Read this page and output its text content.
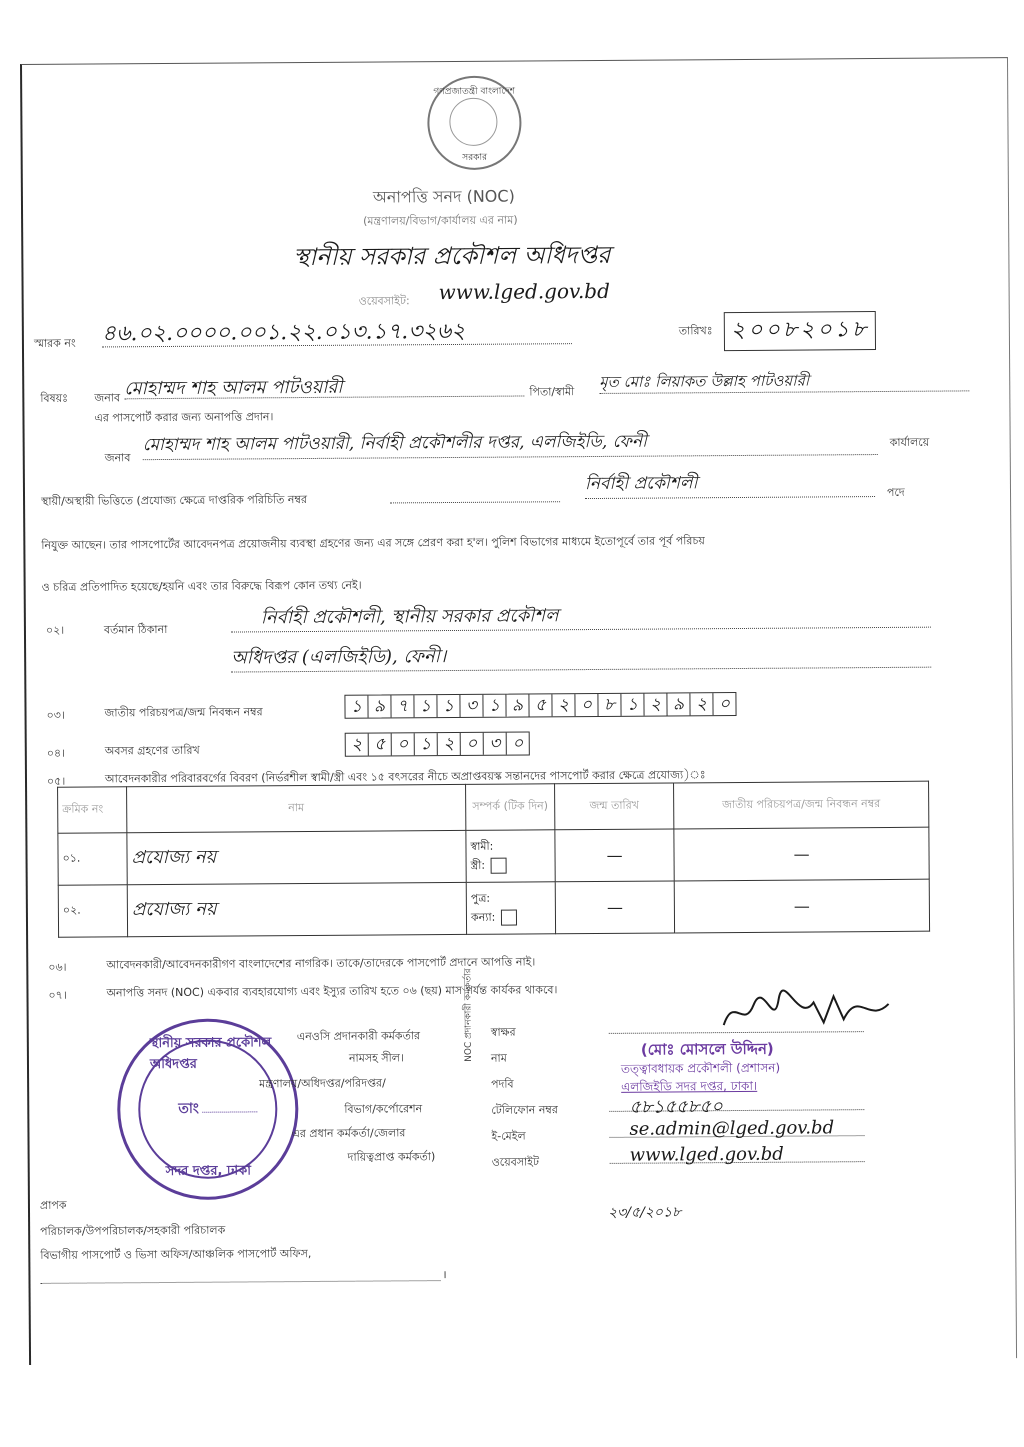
গণপ্রজাতন্ত্রী বাংলাদেশ
সরকার
অনাপত্তি সনদ (NOC)
(মন্ত্রণালয়/বিভাগ/কার্যালয় এর নাম)
স্থানীয় সরকার প্রকৌশল অধিদপ্তর
ওয়েবসাইট: www.lged.gov.bd
স্মারক নং ৪৬.০২.০০০০.০০১.২২.০১৩.১৭.৩২৬২	তারিখঃ ২০০৮২০১৮
বিষয়ঃ জনাব মোহাম্মদ শাহ আলম পাটওয়ারী	পিতা/স্বামী
মৃত মোঃ লিয়াকত উল্লাহ পাটওয়ারী
এর পাসপোর্ট করার জন্য অনাপত্তি প্রদান।
জনাব
মোহাম্মদ শাহ আলম পাটওয়ারী, নির্বাহী প্রকৌশলীর দপ্তর, এলজিইডি, ফেনী	কার্যালয়ে
স্থায়ী/অস্থায়ী ভিত্তিতে (প্রযোজ্য ক্ষেত্রে দাপ্তরিক পরিচিতি নম্বর
নির্বাহী প্রকৌশলী	পদে
নিযুক্ত আছেন। তার পাসপোর্টের আবেদনপত্র প্রয়োজনীয় ব্যবস্থা গ্রহণের জন্য এর সঙ্গে প্রেরণ করা হ'ল। পুলিশ বিভাগের মাধ্যমে ইতোপূর্বে তার পূর্ব পরিচয়
ও চরিত্র প্রতিপাদিত হয়েছে/হয়নি এবং তার বিরুদ্ধে বিরূপ কোন তথ্য নেই।
০২।	বর্তমান ঠিকানা
নির্বাহী প্রকৌশলী, স্থানীয় সরকার প্রকৌশল
অধিদপ্তর (এলজিইডি), ফেনী।
০৩।	জাতীয় পরিচয়পত্র/জন্ম নিবন্ধন নম্বর	১ ৯ ৭ ১ ১ ৩ ১ ৯ ৫ ২ ০ ৮ ১ ২ ৯ ২ ০
০৪।	অবসর গ্রহণের তারিখ	২ ৫ ০ ১ ২ ০ ৩ ০
০৫।	আবেদনকারীর পরিবারবর্গের বিবরণ (নির্ভরশীল স্বামী/স্ত্রী এবং ১৫ বৎসরের নীচে অপ্রাপ্তবয়স্ক সন্তানদের পাসপোর্ট করার ক্ষেত্রে প্রযোজ্য)ঃ
ক্রমিক নং	নাম	সম্পর্ক (টিক দিন)	জন্ম তারিখ	জাতীয় পরিচয়পত্র/জন্ম নিবন্ধন নম্বর
০১.	প্রযোজ্য নয়	স্বামী:
স্ত্রী:	—	—
০২.	প্রযোজ্য নয়	পুত্র:
কন্যা:	—	—
০৬।	আবেদনকারী/আবেদনকারীগণ বাংলাদেশের নাগরিক। তাকে/তাদেরকে পাসপোর্ট প্রদানে আপত্তি নাই।
০৭।	অনাপত্তি সনদ (NOC) একবার ব্যবহারযোগ্য এবং ইস্যুর তারিখ হতে ০৬ (ছয়) মাস পর্যন্ত কার্যকর থাকবে।
স্থানীয় সরকার প্রকৌশল অধিদপ্তর
তাং
সদর দপ্তর, ঢাকা
এনওসি প্রদানকারী কর্মকর্তার
নামসহ সীল।
মন্ত্রণালয়/অধিদপ্তর/পরিদপ্তর/
বিভাগ/কর্পোরেশন
এর প্রধান কর্মকর্তা/জেলার
দায়িত্বপ্রাপ্ত কর্মকর্তা)
NOC প্রদানকারী কর্মকর্তার স্বাক্ষর
নাম
পদবি
টেলিফোন নম্বর
ই-মেইল
ওয়েবসাইট
(মোঃ মোসলে উদ্দিন)
তত্ত্বাবধায়ক প্রকৌশলী (প্রশাসন)
এলজিইডি সদর দপ্তর, ঢাকা।
৫৮১৫৫৮৫০
se.admin@lged.gov.bd
www.lged.gov.bd
২৩/৫/২০১৮
প্রাপক
পরিচালক/উপপরিচালক/সহকারী পরিচালক
বিভাগীয় পাসপোর্ট ও ভিসা অফিস/আঞ্চলিক পাসপোর্ট অফিস,
।
